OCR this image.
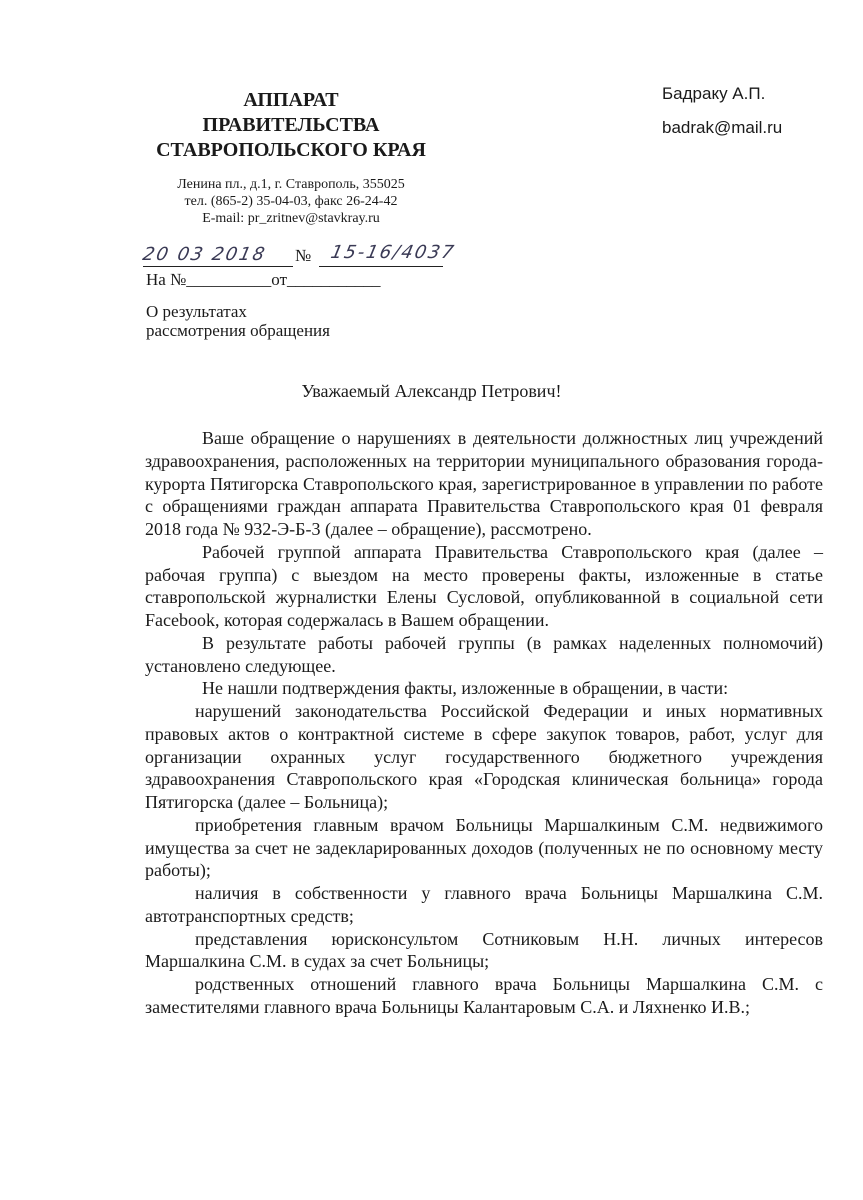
АППАРАТ
ПРАВИТЕЛЬСТВА
СТАВРОПОЛЬСКОГО КРАЯ
Ленина пл., д.1, г. Ставрополь, 355025
тел. (865-2) 35-04-03, факс 26-24-42
E-mail: pr_zritnev@stavkray.ru
Бадраку А.П.
badrak@mail.ru
20 03 2018 № 15-16/4037
На №__________от___________
О результатах
рассмотрения обращения
Уважаемый Александр Петрович!

Ваше обращение о нарушениях в деятельности должностных лиц учреждений здравоохранения, расположенных на территории муниципального образования города-курорта Пятигорска Ставропольского края, зарегистрированное в управлении по работе с обращениями граждан аппарата Правительства Ставропольского края 01 февраля 2018 года № 932-Э-Б-3 (далее – обращение), рассмотрено.

Рабочей группой аппарата Правительства Ставропольского края (далее – рабочая группа) с выездом на место проверены факты, изложенные в статье ставропольской журналистки Елены Сусловой, опубликованной в социальной сети Facebook, которая содержалась в Вашем обращении.

В результате работы рабочей группы (в рамках наделенных полномочий) установлено следующее.

Не нашли подтверждения факты, изложенные в обращении, в части:

нарушений законодательства Российской Федерации и иных нормативных правовых актов о контрактной системе в сфере закупок товаров, работ, услуг для организации охранных услуг государственного бюджетного учреждения здравоохранения Ставропольского края «Городская клиническая больница» города Пятигорска (далее – Больница);

приобретения главным врачом Больницы Маршалкиным С.М. недвижимого имущества за счет не задекларированных доходов (полученных не по основному месту работы);

наличия в собственности у главного врача Больницы Маршалкина С.М. автотранспортных средств;

представления юрисконсультом Сотниковым Н.Н. личных интересов Маршалкина С.М. в судах за счет Больницы;

родственных отношений главного врача Больницы Маршалкина С.М. с заместителями главного врача Больницы Калантаровым С.А. и Ляхненко И.В.;
